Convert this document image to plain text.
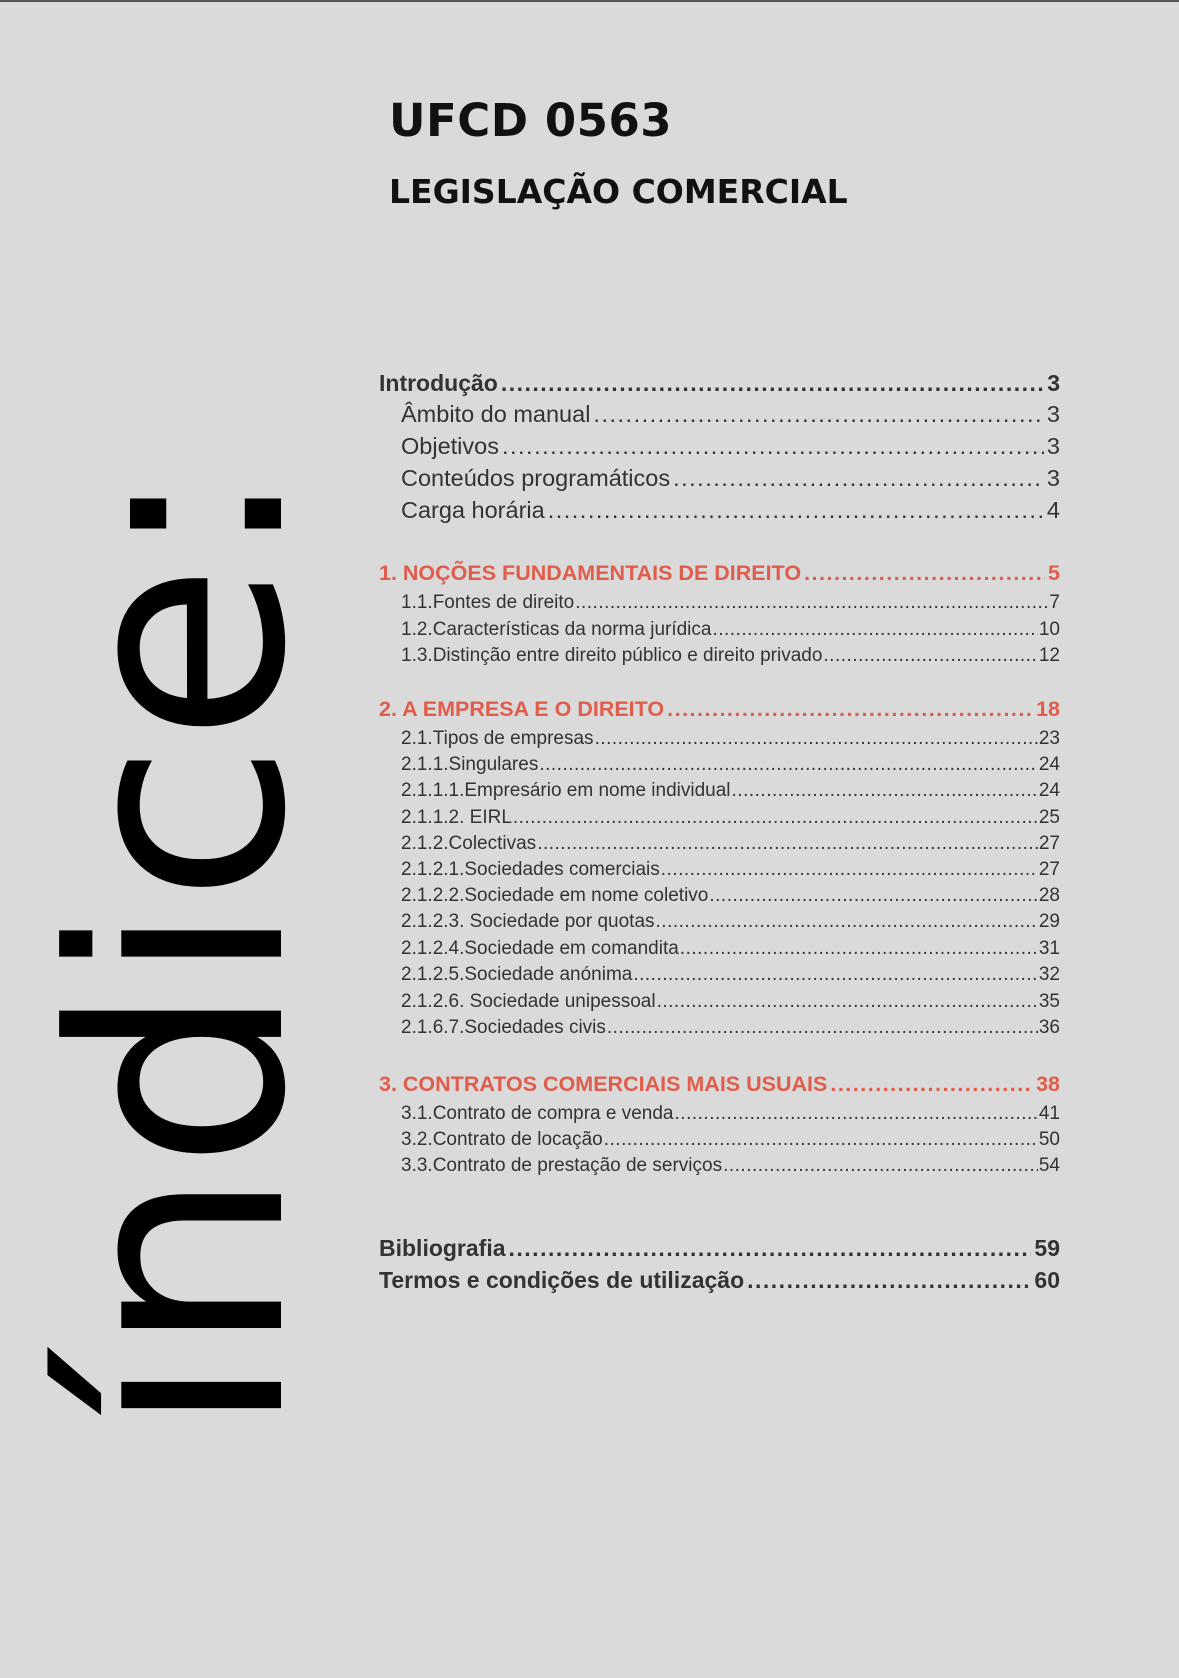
UFCD 0563
LEGISLAÇÃO COMERCIAL
índice:
Introdução .....	3
Âmbito do manual .....	3
Objetivos .....	3
Conteúdos programáticos .....	3
Carga horária .....	4
1. NOÇÕES FUNDAMENTAIS DE DIREITO .....	5
1.1.Fontes de direito .....	7
1.2.Características da norma jurídica .....	10
1.3.Distinção entre direito público e direito privado .....	12
2. A EMPRESA E O DIREITO .....	18
2.1.Tipos de empresas .....	23
2.1.1.Singulares .....	24
2.1.1.1.Empresário em nome individual .....	24
2.1.1.2. EIRL .....	25
2.1.2.Colectivas .....	27
2.1.2.1.Sociedades comerciais .....	27
2.1.2.2.Sociedade em nome coletivo .....	28
2.1.2.3. Sociedade por quotas .....	29
2.1.2.4.Sociedade em comandita .....	31
2.1.2.5.Sociedade anónima .....	32
2.1.2.6. Sociedade unipessoal .....	35
2.1.6.7.Sociedades civis .....	36
3. CONTRATOS COMERCIAIS MAIS USUAIS .....	38
3.1.Contrato de compra e venda .....	41
3.2.Contrato de locação .....	50
3.3.Contrato de prestação de serviços .....	54
Bibliografia .....	59
Termos e condições de utilização .....	60
